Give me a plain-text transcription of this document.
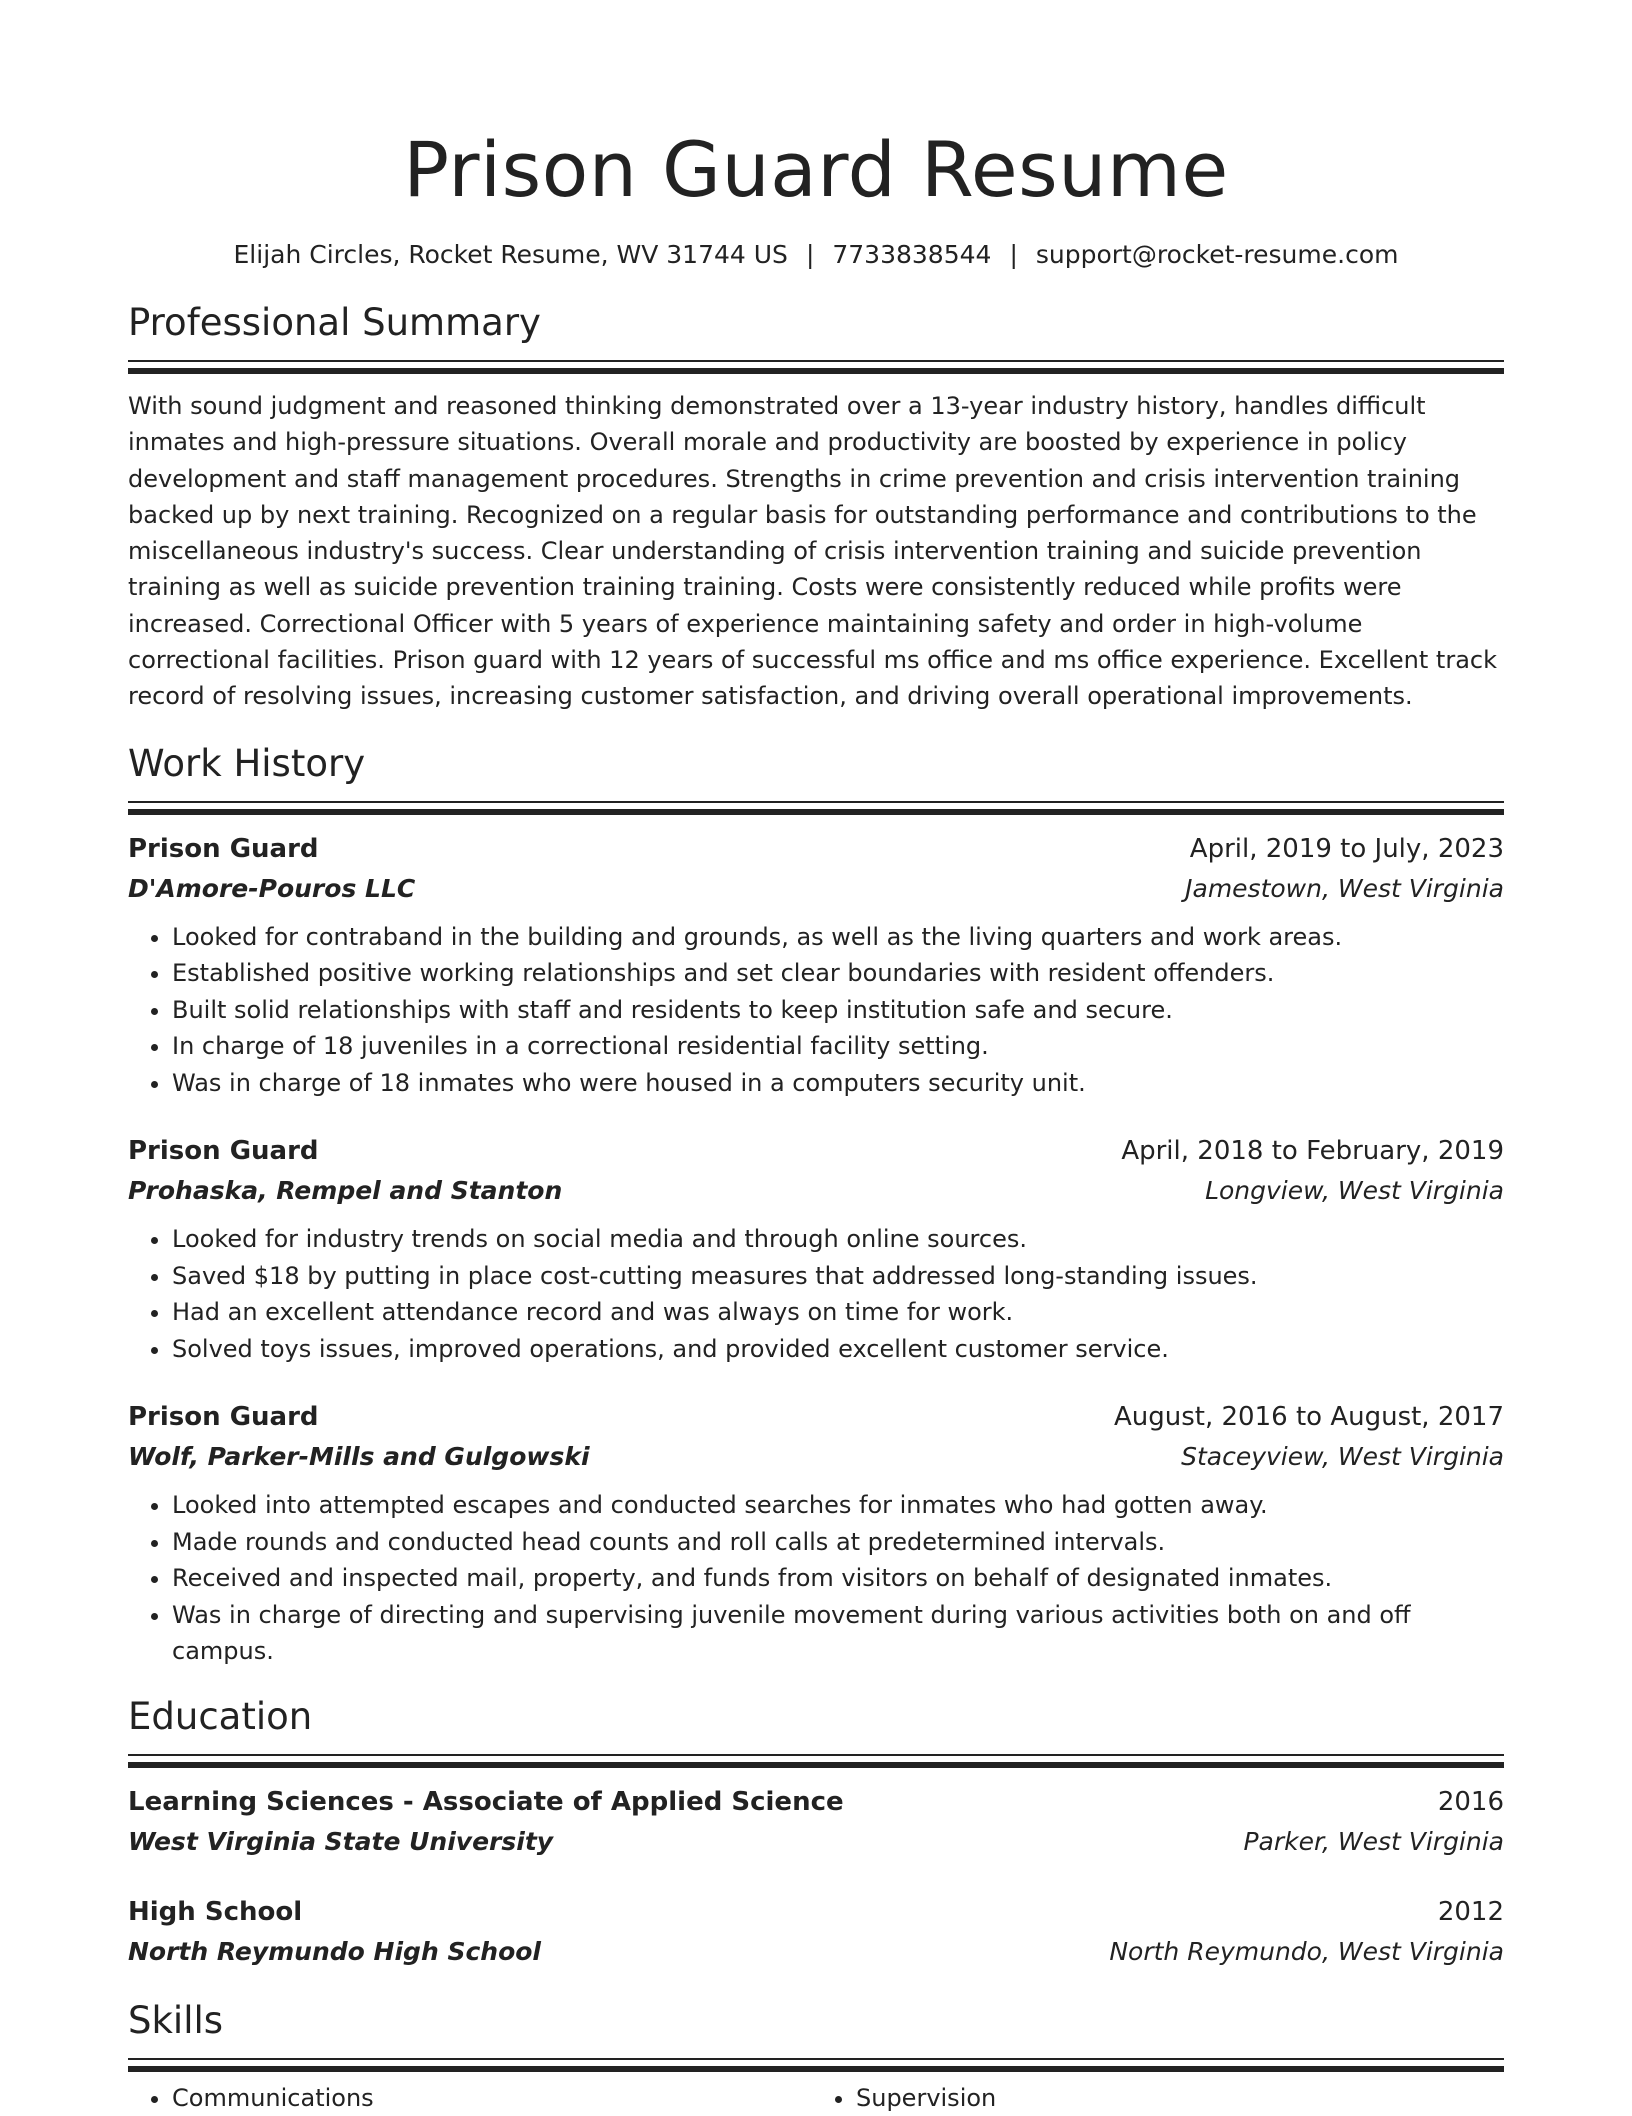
Prison Guard Resume
Elijah Circles, Rocket Resume, WV 31744 US | 7733838544 | support@rocket-resume.com
Professional Summary

With sound judgment and reasoned thinking demonstrated over a 13-year industry history, handles difficult inmates and high-pressure situations. Overall morale and productivity are boosted by experience in policy development and staff management procedures. Strengths in crime prevention and crisis intervention training backed up by next training. Recognized on a regular basis for outstanding performance and contributions to the miscellaneous industry's success. Clear understanding of crisis intervention training and suicide prevention training as well as suicide prevention training training. Costs were consistently reduced while profits were increased. Correctional Officer with 5 years of experience maintaining safety and order in high-volume correctional facilities. Prison guard with 12 years of successful ms office and ms office experience. Excellent track record of resolving issues, increasing customer satisfaction, and driving overall operational improvements.

Work History
Prison Guard	April, 2019 to July, 2023
D'Amore-Pouros LLC	Jamestown, West Virginia
• Looked for contraband in the building and grounds, as well as the living quarters and work areas.
• Established positive working relationships and set clear boundaries with resident offenders.
• Built solid relationships with staff and residents to keep institution safe and secure.
• In charge of 18 juveniles in a correctional residential facility setting.
• Was in charge of 18 inmates who were housed in a computers security unit.
Prison Guard	April, 2018 to February, 2019
Prohaska, Rempel and Stanton	Longview, West Virginia
• Looked for industry trends on social media and through online sources.
• Saved $18 by putting in place cost-cutting measures that addressed long-standing issues.
• Had an excellent attendance record and was always on time for work.
• Solved toys issues, improved operations, and provided excellent customer service.
Prison Guard	August, 2016 to August, 2017
Wolf, Parker-Mills and Gulgowski	Staceyview, West Virginia
• Looked into attempted escapes and conducted searches for inmates who had gotten away.
• Made rounds and conducted head counts and roll calls at predetermined intervals.
• Received and inspected mail, property, and funds from visitors on behalf of designated inmates.
• Was in charge of directing and supervising juvenile movement during various activities both on and off campus.
Education
Learning Sciences - Associate of Applied Science	2016
West Virginia State University	Parker, West Virginia
High School	2012
North Reymundo High School	North Reymundo, West Virginia
Skills
• Communications
•	Supervision
